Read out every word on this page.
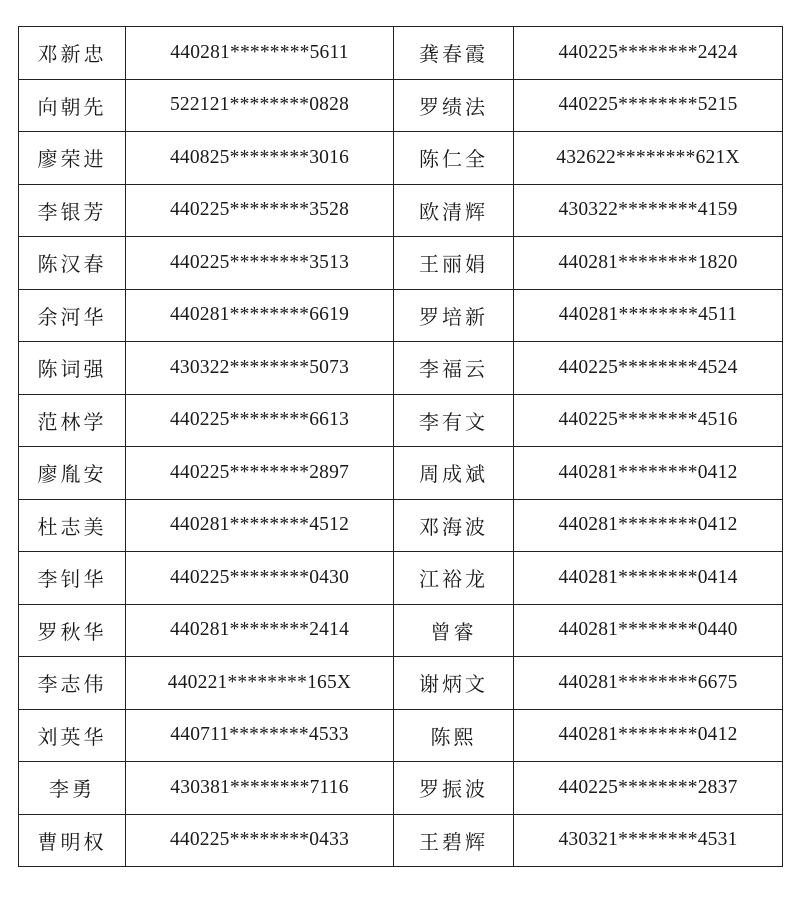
邓新忠	440281********5611	龚春霞	440225********2424
向朝先	522121********0828	罗绩法	440225********5215
廖荣进	440825********3016	陈仁全	432622********621X
李银芳	440225********3528	欧清辉	430322********4159
陈汉春	440225********3513	王丽娟	440281********1820
余河华	440281********6619	罗培新	440281********4511
陈词强	430322********5073	李福云	440225********4524
范林学	440225********6613	李有文	440225********4516
廖胤安	440225********2897	周成斌	440281********0412
杜志美	440281********4512	邓海波	440281********0412
李钊华	440225********0430	江裕龙	440281********0414
罗秋华	440281********2414	曾睿	440281********0440
李志伟	440221********165X	谢炳文	440281********6675
刘英华	440711********4533	陈熙	440281********0412
李勇	430381********7116	罗振波	440225********2837
曹明权	440225********0433	王碧辉	430321********4531
